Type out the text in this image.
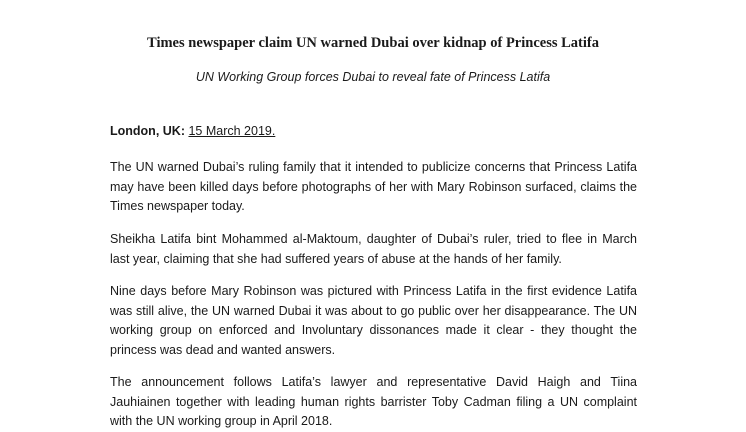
Times newspaper claim UN warned Dubai over kidnap of Princess Latifa

UN Working Group forces Dubai to reveal fate of Princess Latifa

London, UK: 15 March 2019.

The UN warned Dubai’s ruling family that it intended to publicize concerns that Princess Latifa may have been killed days before photographs of her with Mary Robinson surfaced, claims the Times newspaper today.

Sheikha Latifa bint Mohammed al-Maktoum, daughter of Dubai’s ruler, tried to flee in March last year, claiming that she had suffered years of abuse at the hands of her family.

Nine days before Mary Robinson was pictured with Princess Latifa in the first evidence Latifa was still alive, the UN warned Dubai it was about to go public over her disappearance. The UN working group on enforced and Involuntary dissonances made it clear - they thought the princess was dead and wanted answers.

The announcement follows Latifa’s lawyer and representative David Haigh and Tiina Jauhiainen together with leading human rights barrister Toby Cadman filing a UN complaint with the UN working group in April 2018.
